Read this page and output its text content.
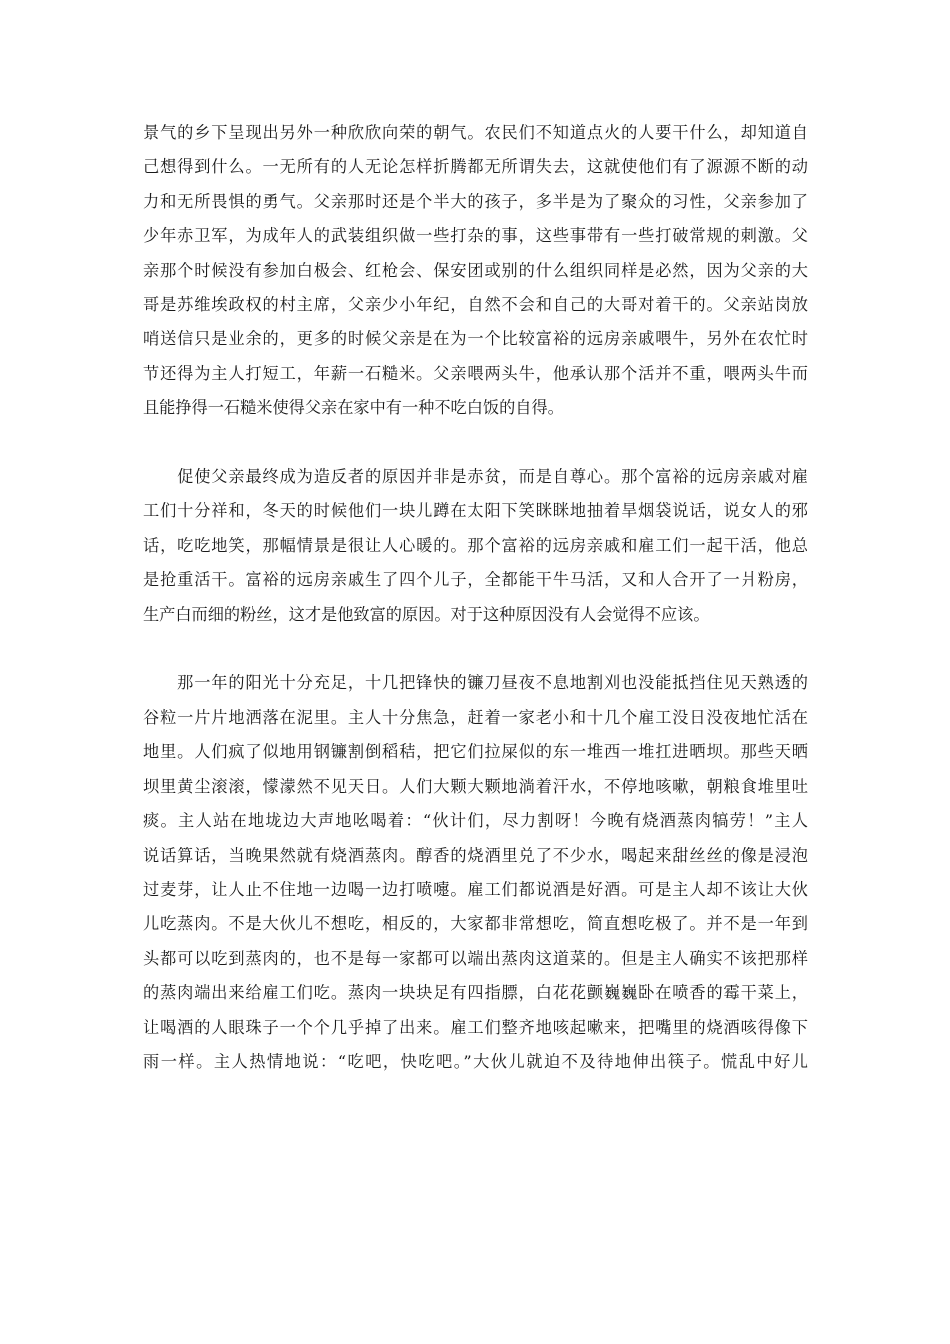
景气的乡下呈现出另外一种欣欣向荣的朝气。农民们不知道点火的人要干什么，却知道自
己想得到什么。一无所有的人无论怎样折腾都无所谓失去，这就使他们有了源源不断的动
力和无所畏惧的勇气。父亲那时还是个半大的孩子，多半是为了聚众的习性，父亲参加了
少年赤卫军，为成年人的武装组织做一些打杂的事，这些事带有一些打破常规的刺激。父
亲那个时候没有参加白极会、红枪会、保安团或别的什么组织同样是必然，因为父亲的大
哥是苏维埃政权的村主席，父亲少小年纪，自然不会和自己的大哥对着干的。父亲站岗放
哨送信只是业余的，更多的时候父亲是在为一个比较富裕的远房亲戚喂牛，另外在农忙时
节还得为主人打短工，年薪一石糙米。父亲喂两头牛，他承认那个活并不重，喂两头牛而
且能挣得一石糙米使得父亲在家中有一种不吃白饭的自得。
　　促使父亲最终成为造反者的原因并非是赤贫，而是自尊心。那个富裕的远房亲戚对雇
工们十分祥和，冬天的时候他们一块儿蹲在太阳下笑眯眯地抽着旱烟袋说话，说女人的邪
话，吃吃地笑，那幅情景是很让人心暖的。那个富裕的远房亲戚和雇工们一起干活，他总
是抢重活干。富裕的远房亲戚生了四个儿子，全都能干牛马活，又和人合开了一爿粉房，
生产白而细的粉丝，这才是他致富的原因。对于这种原因没有人会觉得不应该。
　　那一年的阳光十分充足，十几把锋快的镰刀昼夜不息地割刈也没能抵挡住见天熟透的
谷粒一片片地洒落在泥里。主人十分焦急，赶着一家老小和十几个雇工没日没夜地忙活在
地里。人们疯了似地用钢镰割倒稻秸，把它们拉屎似的东一堆西一堆扛进晒坝。那些天晒
坝里黄尘滚滚，懞濛然不见天日。人们大颗大颗地淌着汗水，不停地咳嗽，朝粮食堆里吐
痰。主人站在地垅边大声地吆喝着：“伙计们，尽力割呀！今晚有烧酒蒸肉犒劳！”主人
说话算话，当晚果然就有烧酒蒸肉。醇香的烧酒里兑了不少水，喝起来甜丝丝的像是浸泡
过麦芽，让人止不住地一边喝一边打喷嚏。雇工们都说酒是好酒。可是主人却不该让大伙
儿吃蒸肉。不是大伙儿不想吃，相反的，大家都非常想吃，简直想吃极了。并不是一年到
头都可以吃到蒸肉的，也不是每一家都可以端出蒸肉这道菜的。但是主人确实不该把那样
的蒸肉端出来给雇工们吃。蒸肉一块块足有四指膘，白花花颤巍巍卧在喷香的霉干菜上，
让喝酒的人眼珠子一个个几乎掉了出来。雇工们整齐地咳起嗽来，把嘴里的烧酒咳得像下
雨一样。主人热情地说：“吃吧，快吃吧。”大伙儿就迫不及待地伸出筷子。慌乱中好儿
